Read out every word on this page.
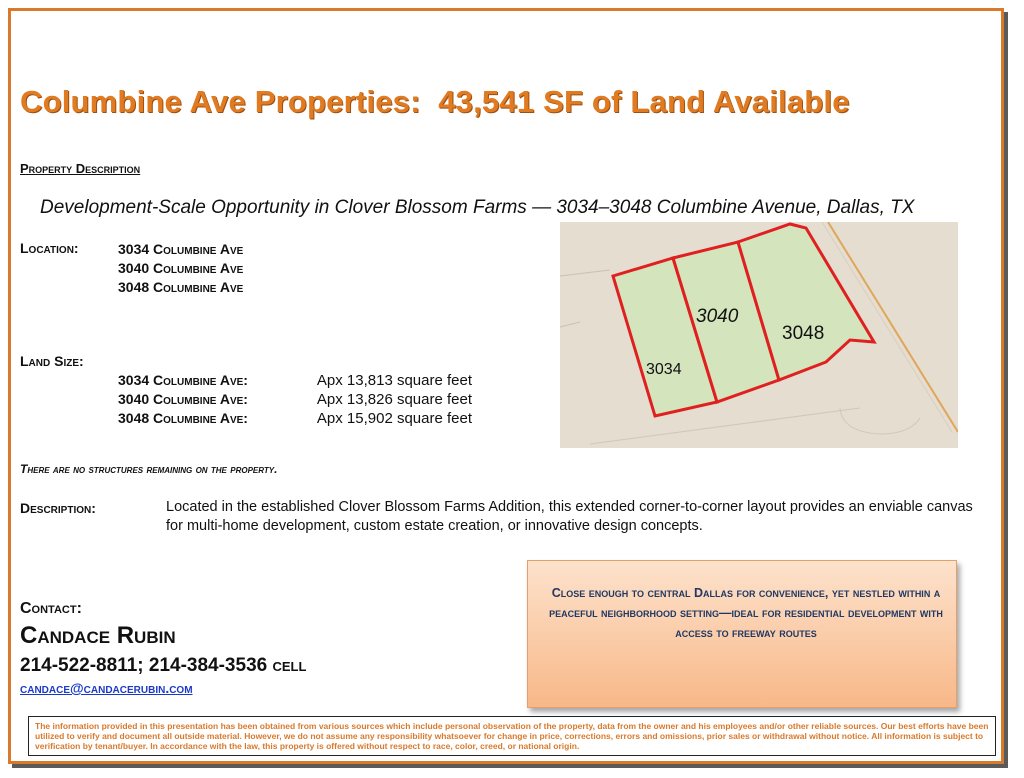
Columbine Ave Properties:  43,541 SF of Land Available
Property Description
Development-Scale Opportunity in Clover Blossom Farms — 3034–3048 Columbine Avenue, Dallas, TX
Location:	3034 Columbine Ave
3040 Columbine Ave
3048 Columbine Ave
Land Size:
3034 Columbine Ave:	Apx 13,813 square feet
3040 Columbine Ave:	Apx 13,826 square feet
3048 Columbine Ave:	Apx 15,902 square feet
3034
3040
3048
There are no structures remaining on the property.
Description:	Located in the established Clover Blossom Farms Addition, this extended corner-to-corner layout provides an enviable canvas for multi-home development, custom estate creation, or innovative design concepts.
Contact:
Candace Rubin
214-522-8811; 214-384-3536 cell
candace@candacerubin.com
Close enough to central Dallas for convenience, yet nestled within a peaceful neighborhood setting—ideal for residential development with access to freeway routes
The information provided in this presentation has been obtained from various sources which include personal observation of the property, data from the owner and his employees and/or other reliable sources. Our best efforts have been utilized to verify and document all outside material. However, we do not assume any responsibility whatsoever for change in price, corrections, errors and omissions, prior sales or withdrawal without notice. All information is subject to verification by tenant/buyer. In accordance with the law, this property is offered without respect to race, color, creed, or national origin.
